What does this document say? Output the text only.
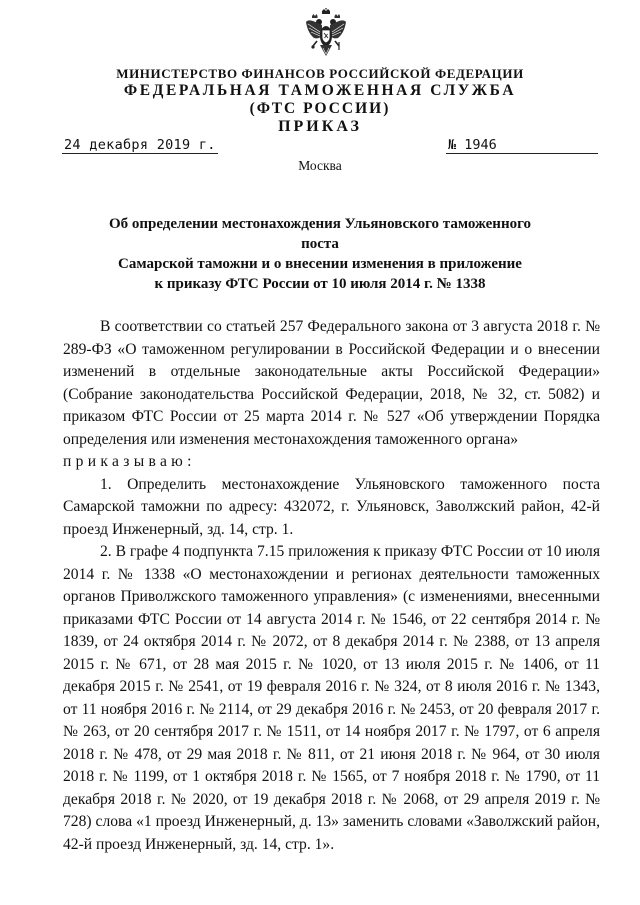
МИНИСТЕРСТВО ФИНАНСОВ РОССИЙСКОЙ ФЕДЕРАЦИИ
ФЕДЕРАЛЬНАЯ ТАМОЖЕННАЯ СЛУЖБА
(ФТС РОССИИ)
ПРИКАЗ
24 декабря 2019 г.	№ 1946
Москва
Об определении местонахождения Ульяновского таможенного поста
Самарской таможни и о внесении изменения в приложение
к приказу ФТС России от 10 июля 2014 г. № 1338

В соответствии со статьей 257 Федерального закона от 3 августа 2018 г. № 289-ФЗ «О таможенном регулировании в Российской Федерации и о внесении изменений в отдельные законодательные акты Российской Федерации» (Собрание законодательства Российской Федерации, 2018, № 32, ст. 5082) и приказом ФТС России от 25 марта 2014 г. № 527 «Об утверждении Порядка определения или изменения местонахождения таможенного органа»

приказываю:

1. Определить местонахождение Ульяновского таможенного поста Самарской таможни по адресу: 432072, г. Ульяновск, Заволжский район, 42-й проезд Инженерный, зд. 14, стр. 1.

2. В графе 4 подпункта 7.15 приложения к приказу ФТС России от 10 июля 2014 г. № 1338 «О местонахождении и регионах деятельности таможенных органов Приволжского таможенного управления» (с изменениями, внесенными приказами ФТС России от 14 августа 2014 г. № 1546, от 22 сентября 2014 г. № 1839, от 24 октября 2014 г. № 2072, от 8 декабря 2014 г. № 2388, от 13 апреля 2015 г. № 671, от 28 мая 2015 г. № 1020, от 13 июля 2015 г. № 1406, от 11 декабря 2015 г. № 2541, от 19 февраля 2016 г. № 324, от 8 июля 2016 г. № 1343, от 11 ноября 2016 г. № 2114, от 29 декабря 2016 г. № 2453, от 20 февраля 2017 г. № 263, от 20 сентября 2017 г. № 1511, от 14 ноября 2017 г. № 1797, от 6 апреля 2018 г. № 478, от 29 мая 2018 г. № 811, от 21 июня 2018 г. № 964, от 30 июля 2018 г. № 1199, от 1 октября 2018 г. № 1565, от 7 ноября 2018 г. № 1790, от 11 декабря 2018 г. № 2020, от 19 декабря 2018 г. № 2068, от 29 апреля 2019 г. № 728) слова «1 проезд Инженерный, д. 13» заменить словами «Заволжский район, 42-й проезд Инженерный, зд. 14, стр. 1».
